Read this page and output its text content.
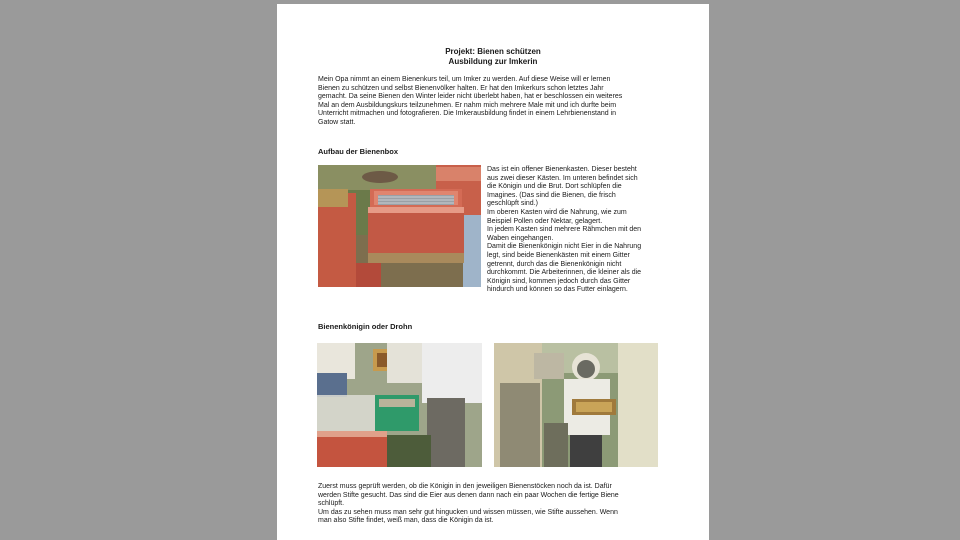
Projekt: Bienen schützen
Ausbildung zur Imkerin
Mein Opa nimmt an einem Bienenkurs teil, um Imker zu werden. Auf diese Weise will er lernen
Bienen zu schützen und selbst Bienenvölker halten. Er hat den Imkerkurs schon letztes Jahr
gemacht. Da seine Bienen den Winter leider nicht überlebt haben, hat er beschlossen ein weiteres
Mal an dem Ausbildungskurs teilzunehmen. Er nahm mich mehrere Male mit und ich durfte beim
Unterricht mitmachen und fotografieren. Die Imkerausbildung findet in einem Lehrbienenstand in
Gatow statt.
Aufbau der Bienenbox
Das ist ein offener Bienenkasten. Dieser besteht
aus zwei dieser Kästen. Im unteren befindet sich
die Königin und die Brut. Dort schlüpfen die
Imagines. (Das sind die Bienen, die frisch
geschlüpft sind.)
Im oberen Kasten wird die Nahrung, wie zum
Beispiel Pollen oder Nektar, gelagert.
In jedem Kasten sind mehrere Rähmchen mit den
Waben eingehangen.
Damit die Bienenkönigin nicht Eier in die Nahrung
legt, sind beide Bienenkästen mit einem Gitter
getrennt, durch das die Bienenkönigin nicht
durchkommt. Die Arbeiterinnen, die kleiner als die
Königin sind, kommen jedoch durch das Gitter
hindurch und können so das Futter einlagern.
Bienenkönigin oder Drohn
Zuerst muss geprüft werden, ob die Königin in den jeweiligen Bienenstöcken noch da ist. Dafür
werden Stifte gesucht. Das sind die Eier aus denen dann nach ein paar Wochen die fertige Biene
schlüpft.
Um das zu sehen muss man sehr gut hingucken und wissen müssen, wie Stifte aussehen. Wenn
man also Stifte findet, weiß man, dass die Königin da ist.
